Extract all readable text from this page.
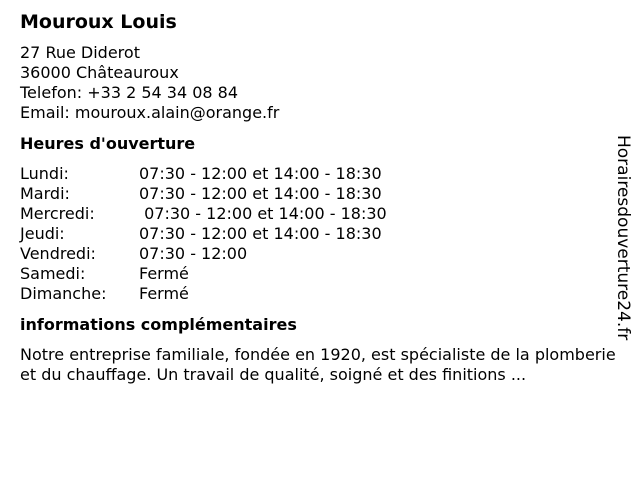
Mouroux Louis
27 Rue Diderot
36000 Châteauroux
Telefon: +33 2 54 34 08 84
Email: mouroux.alain@orange.fr
Heures d'ouverture
Lundi:	07:30 - 12:00 et 14:00 - 18:30
Mardi:	07:30 - 12:00 et 14:00 - 18:30
Mercredi:	07:30 - 12:00 et 14:00 - 18:30
Jeudi:	07:30 - 12:00 et 14:00 - 18:30
Vendredi:	07:30 - 12:00
Samedi:	Fermé
Dimanche:	Fermé
informations complémentaires
Notre entreprise familiale, fondée en 1920, est spécialiste de la plomberie et du chauffage. Un travail de qualité, soigné et des finitions ...
Horairesdouverture24.fr
